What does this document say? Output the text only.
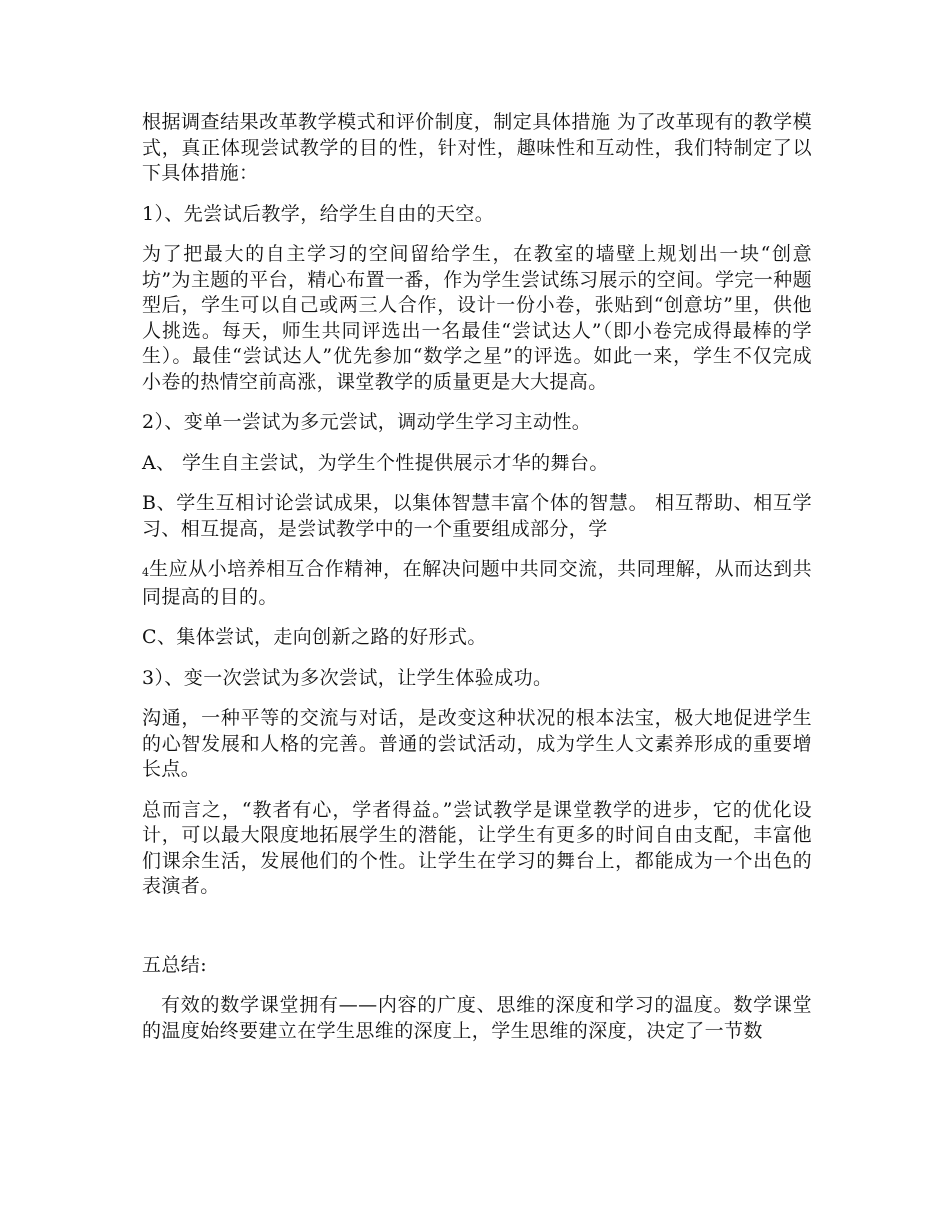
根据调查结果改革教学模式和评价制度，制定具体措施 为了改革现有的教学模式，真正体现尝试教学的目的性，针对性，趣味性和互动性，我们特制定了以下具体措施：

1）、先尝试后教学，给学生自由的天空。

为了把最大的自主学习的空间留给学生，在教室的墙壁上规划出一块“创意坊”为主题的平台，精心布置一番，作为学生尝试练习展示的空间。学完一种题型后，学生可以自己或两三人合作，设计一份小卷，张贴到“创意坊”里，供他人挑选。每天，师生共同评选出一名最佳“尝试达人”（即小卷完成得最棒的学生）。最佳“尝试达人”优先参加“数学之星”的评选。如此一来，学生不仅完成小卷的热情空前高涨，课堂教学的质量更是大大提高。

2）、变单一尝试为多元尝试，调动学生学习主动性。

A、 学生自主尝试，为学生个性提供展示才华的舞台。

B、学生互相讨论尝试成果，以集体智慧丰富个体的智慧。 相互帮助、相互学习、相互提高，是尝试教学中的一个重要组成部分，学

4生应从小培养相互合作精神，在解决问题中共同交流，共同理解，从而达到共同提高的目的。

C、集体尝试，走向创新之路的好形式。

3）、变一次尝试为多次尝试，让学生体验成功。

沟通，一种平等的交流与对话，是改变这种状况的根本法宝，极大地促进学生的心智发展和人格的完善。普通的尝试活动，成为学生人文素养形成的重要增长点。

总而言之，“教者有心，学者得益。”尝试教学是课堂教学的进步，它的优化设计，可以最大限度地拓展学生的潜能，让学生有更多的时间自由支配，丰富他们课余生活，发展他们的个性。让学生在学习的舞台上，都能成为一个出色的表演者。

五总结:

有效的数学课堂拥有——内容的广度、思维的深度和学习的温度。数学课堂的温度始终要建立在学生思维的深度上，学生思维的深度，决定了一节数
